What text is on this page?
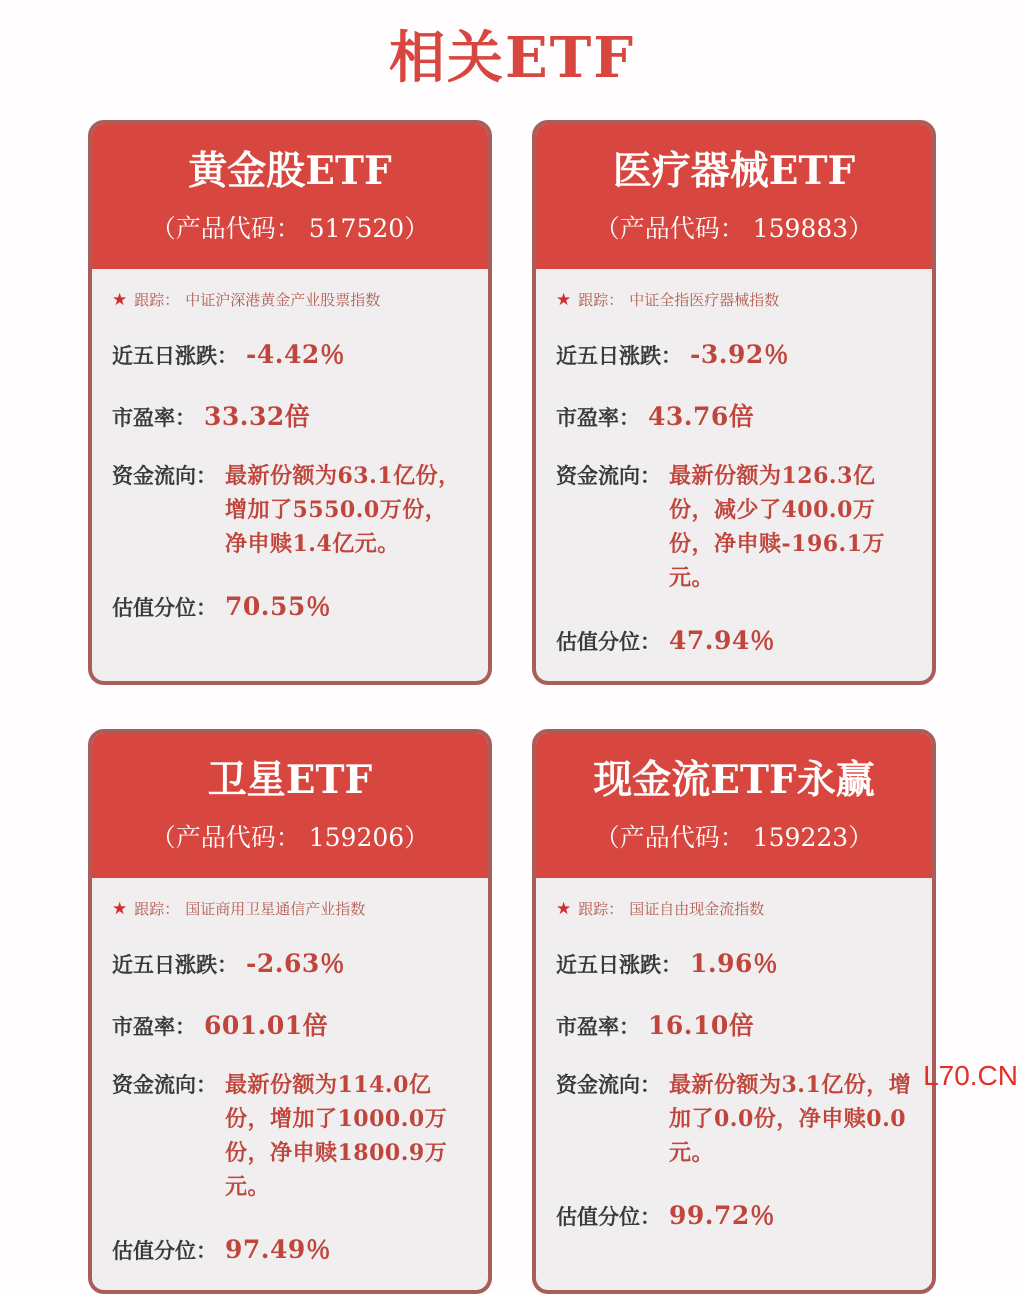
相关ETF
黄金股ETF
（产品代码： 517520）
★ 跟踪： 中证沪深港黄金产业股票指数
近五日涨跌： -4.42％
市盈率： 33.32倍
资金流向： 最新份额为63.1亿份，增加了5550.0万份，净申赎1.4亿元。
估值分位： 70.55％
医疗器械ETF
（产品代码： 159883）
★ 跟踪： 中证全指医疗器械指数
近五日涨跌： -3.92％
市盈率： 43.76倍
资金流向： 最新份额为126.3亿份，减少了400.0万份，净申赎-196.1万元。
估值分位： 47.94％
卫星ETF
（产品代码： 159206）
★ 跟踪： 国证商用卫星通信产业指数
近五日涨跌： -2.63％
市盈率： 601.01倍
资金流向： 最新份额为114.0亿份，增加了1000.0万份，净申赎1800.9万元。
估值分位： 97.49％
现金流ETF永赢
（产品代码： 159223）
★ 跟踪： 国证自由现金流指数
近五日涨跌： 1.96％
市盈率： 16.10倍
资金流向： 最新份额为3.1亿份，增加了0.0份，净申赎0.0元。
估值分位： 99.72％
L70.CN
